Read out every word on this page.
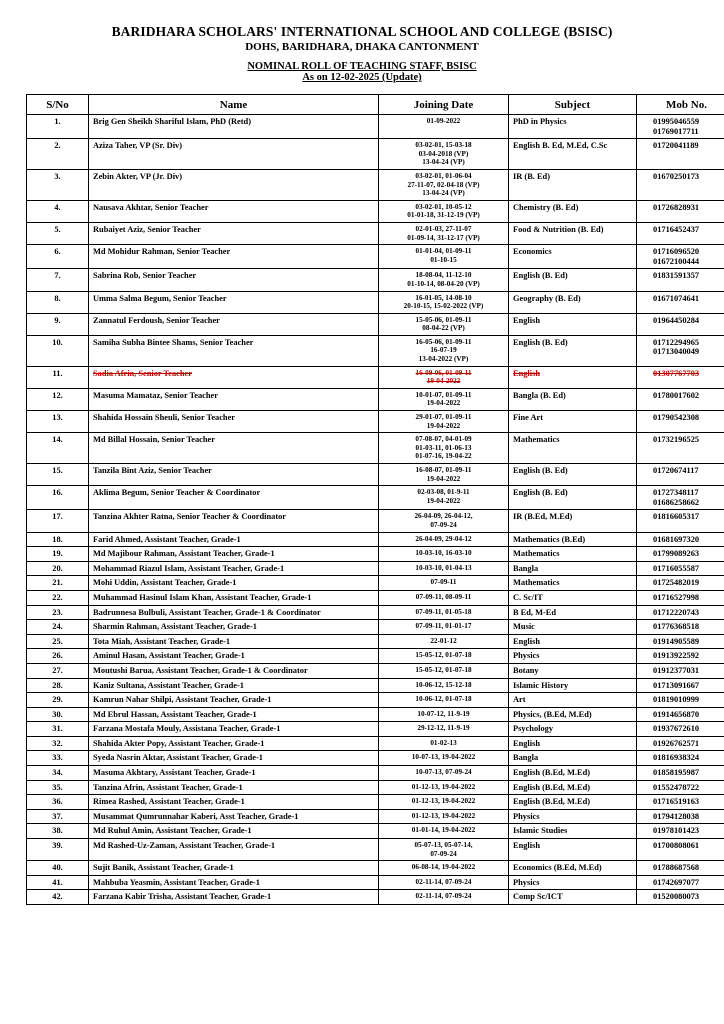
BARIDHARA SCHOLARS' INTERNATIONAL SCHOOL AND COLLEGE (BSISC)
DOHS, BARIDHARA, DHAKA CANTONMENT
NOMINAL ROLL OF TEACHING STAFF, BSISC
As on 12-02-2025 (Update)
S/No	Name	Joining Date	Subject	Mob No.
1.	Brig Gen Sheikh Shariful Islam, PhD (Retd)	01-09-2022	PhD in Physics	01995046559
01769017711

2.	Aziza Taher, VP (Sr. Div)	03-02-01, 15-03-18
03-04-2018 (VP)
13-04-24 (VP)	English B. Ed, M.Ed, C.Sc	01720041189

3.	Zebin Akter, VP (Jr. Div)	03-02-01, 01-06-04
27-11-07, 02-04-18 (VP)
13-04-24 (VP)	IR (B. Ed)	01670250173

4.	Nausava Akhtar, Senior Teacher	03-02-01, 10-05-12
01-01-18, 31-12-19 (VP)	Chemistry (B. Ed)	01726828931

5.	Rubaiyet Aziz, Senior Teacher	02-01-03, 27-11-07
01-09-14, 31-12-17 (VP)	Food & Nutrition (B. Ed)	01716452437

6.	Md Mohidur Rahman, Senior Teacher	01-01-04, 01-09-11
01-10-15	Economics	01716096520
01672100444

7.	Sabrina Rob, Senior Teacher	18-08-04, 11-12-10
01-10-14, 08-04-20 (VP)	English (B. Ed)	01831591357

8.	Umma Salma Begum, Senior Teacher	16-01-05, 14-08-10
20-10-15, 15-02-2022 (VP)	Geography (B. Ed)	01671074641

9.	Zannatul Ferdoush, Senior Teacher	15-05-06, 01-09-11
08-04-22 (VP)	English	01964450284

10.	Samiha Subha Bintee Shams, Senior Teacher	16-05-06, 01-09-11
16-07-19
13-04-2022 (VP)	English (B. Ed)	01712294965
01713040049

11.	Sadia Afrin, Senior Teacher	16-09-06, 01-09-11
19-04-2022	English	01307767703

12.	Masuma Mamataz, Senior Teacher	10-01-07, 01-09-11
19-04-2022	Bangla (B. Ed)	01780017602

13.	Shahida Hossain Sheuli, Senior Teacher	29-01-07, 01-09-11
19-04-2022	Fine Art	01790542308

14.	Md Billal Hossain, Senior Teacher	07-08-07, 04-01-09
01-03-11, 01-06-13
01-07-16, 19-04-22	Mathematics	01732196525

15.	Tanzila Bint Aziz, Senior Teacher	16-08-07, 01-09-11
19-04-2022	English (B. Ed)	01720674117

16.	Aklima Begum, Senior Teacher & Coordinator	02-03-08, 01-9-11
19-04-2022	English (B. Ed)	01727348117
01686258662

17.	Tanzina Akhter Ratna, Senior Teacher & Coordinator	26-04-09, 26-04-12,
07-09-24	IR (B.Ed, M.Ed)	01816605317

18.	Farid Ahmed, Assistant Teacher, Grade-1	26-04-09, 29-04-12	Mathematics (B.Ed)	01681697320

19.	Md Majibour Rahman, Assistant Teacher, Grade-1	10-03-10, 16-03-10	Mathematics	01799089263

20.	Mohammad Riazul Islam, Assistant Teacher, Grade-1	10-03-10, 01-04-13	Bangla	01716055587

21.	Mohi Uddin, Assistant Teacher, Grade-1	07-09-11	Mathematics	01725482019

22.	Muhammad Hasinul Islam Khan, Assistant Teacher, Grade-1	07-09-11, 08-09-11	C. Sc/IT	01716527998

23.	Badrunnesa Bulbuli, Assistant Teacher, Grade-1 & Coordinator	07-09-11, 01-05-18	B Ed, M-Ed	01712220743

24.	Sharmin Rahman, Assistant Teacher, Grade-1	07-09-11, 01-01-17	Music	01776368518

25.	Tota Miah, Assistant Teacher, Grade-1	22-01-12	English	01914905589

26.	Aminul Hasan, Assistant Teacher, Grade-1	15-05-12, 01-07-18	Physics	01913922592

27.	Moutushi Barua, Assistant Teacher, Grade-1 & Coordinator	15-05-12, 01-07-18	Botany	01912377031

28.	Kaniz Sultana, Assistant Teacher, Grade-1	10-06-12, 15-12-18	Islamic History	01713091667

29.	Kamrun Nahar Shilpi, Assistant Teacher, Grade-1	10-06-12, 01-07-18	Art	01819010999

30.	Md Ebrul Hassan, Assistant Teacher, Grade-1	10-07-12, 11-9-19	Physics, (B.Ed, M.Ed)	01914656870

31.	Farzana Mostafa Mouly, Assistana Teacher, Grade-1	29-12-12, 11-9-19	Psychology	01937672610

32.	Shahida Akter Popy, Assistant Teacher, Grade-1	01-02-13	English	01926762571

33.	Syeda Nasrin Aktar, Assistant Teacher, Grade-1	10-07-13, 19-04-2022	Bangla	01816938324

34.	Masuma Akhtary, Assistant Teacher, Grade-1	10-07-13, 07-09-24	English (B.Ed, M.Ed)	01858195987

35.	Tanzina Afrin, Assistant Teacher, Grade-1	01-12-13, 19-04-2022	English (B.Ed, M.Ed)	01552478722

36.	Rimea Rashed, Assistant Teacher, Grade-1	01-12-13, 19-04-2022	English (B.Ed, M.Ed)	01716519163

37.	Musammat Qumrunnahar Kaberi, Asst Teacher, Grade-1	01-12-13, 19-04-2022	Physics	01794128038

38.	Md Ruhul Amin, Assistant Teacher, Grade-1	01-01-14, 19-04-2022	Islamic Studies	01978101423

39.	Md Rashed-Uz-Zaman, Assistant Teacher, Grade-1	05-07-13, 05-07-14,
07-09-24	English	01700808061

40.	Sujit Banik, Assistant Teacher, Grade-1	06-08-14, 19-04-2022	Economics (B.Ed, M.Ed)	01788687568

41.	Mahbuba Yeasmin, Assistant Teacher, Grade-1	02-11-14, 07-09-24	Physics	01742697077

42.	Farzana Kabir Trisha, Assistant Teacher, Grade-1	02-11-14, 07-09-24	Comp Sc/ICT	01520080073
